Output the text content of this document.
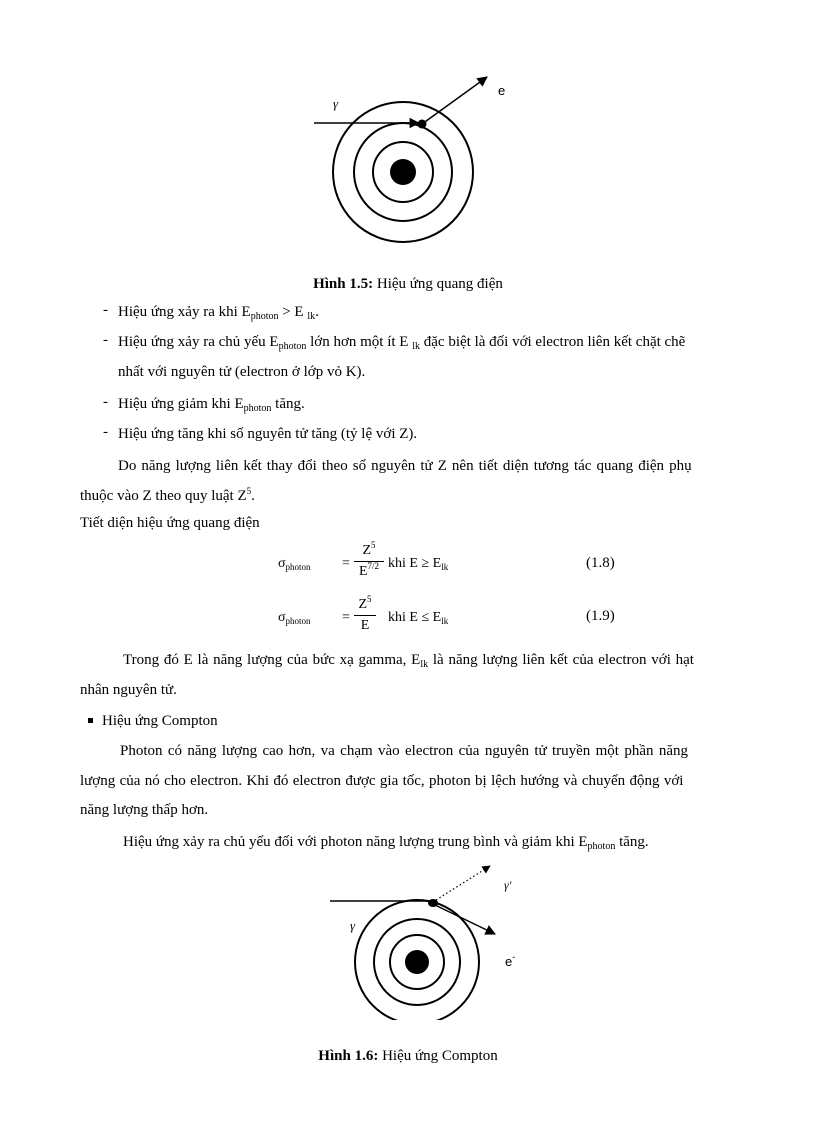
γ
e
Hình 1.5: Hiệu ứng quang điện
- Hiệu ứng xảy ra khi $E_{photon} > E$ $_{lk}$.
- Hiệu ứng xảy ra chủ yếu $E_{photon}$ lớn hơn một ít E $_{lk}$ đặc biệt là đối với electron liên kết chặt chẽ
nhất với nguyên tử (electron ở lớp vỏ K).
- Hiệu ứng giảm khi $E_{photon}$ tăng.
- Hiệu ứng tăng khi số nguyên tử tăng (tỷ lệ với Z).
Do năng lượng liên kết thay đổi theo số nguyên tử Z nên tiết diện tương tác quang điện phụ
thuộc vào Z theo quy luật $Z^5$.
Tiết diện hiệu ứng quang điện
$\sigma_{photon}$ =
$Z^5$
$E^{7/2}$ khi $E \ge E_{lk}$	(1.8)
$\sigma_{photon}$ =
$Z^5$
E
khi $E \le E_{lk}$	(1.9)
Trong đó E là năng lượng của bức xạ gamma, $E_{lk}$ là năng lượng liên kết của electron với hạt
nhân nguyên tử.
Hiệu ứng Compton
Photon có năng lượng cao hơn, va chạm vào electron của nguyên tử truyền một phần năng
lượng của nó cho electron. Khi đó electron được gia tốc, photon bị lệch hướng và chuyển động với
năng lượng thấp hơn.
Hiệu ứng xảy ra chủ yếu đối với photon năng lượng trung bình và giảm khi $E_{photon}$ tăng.
γ
γ'
e-
Hình 1.6: Hiệu ứng Compton
